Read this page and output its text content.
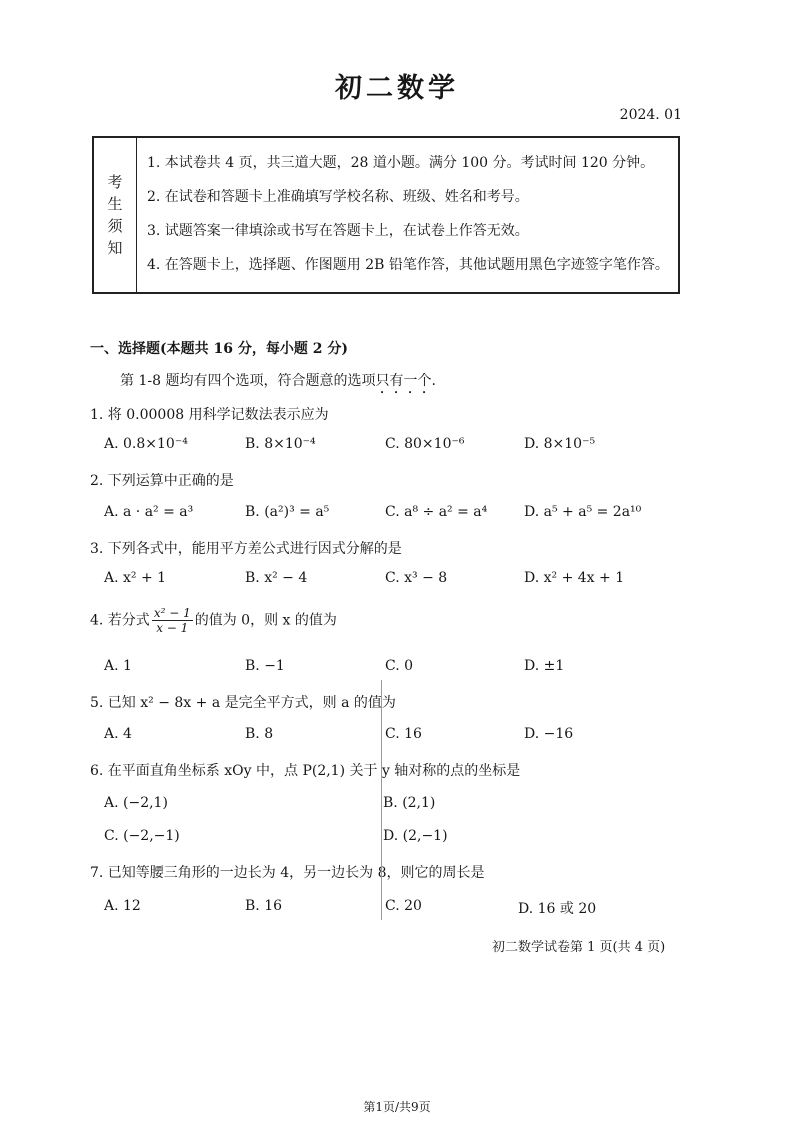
初二数学
2024. 01
考
生
须
知
1. 本试卷共 4 页，共三道大题，28 道小题。满分 100 分。考试时间 120 分钟。
2. 在试卷和答题卡上准确填写学校名称、班级、姓名和考号。
3. 试题答案一律填涂或书写在答题卡上，在试卷上作答无效。
4. 在答题卡上，选择题、作图题用 2B 铅笔作答，其他试题用黑色字迹签字笔作答。
一、选择题(本题共 16 分，每小题 2 分)
第 1-8 题均有四个选项，符合题意的选项只有一个.
1. 将 0.00008 用科学记数法表示应为
A. 0.8×10⁻⁴	B. 8×10⁻⁴	C. 80×10⁻⁶	D. 8×10⁻⁵
2. 下列运算中正确的是
A. a · a² = a³	B. (a²)³ = a⁵	C. a⁸ ÷ a² = a⁴	D. a⁵ + a⁵ = 2a¹⁰
3. 下列各式中，能用平方差公式进行因式分解的是
A. x² + 1	B. x² − 4	C. x³ − 8	D. x² + 4x + 1
4. 若分式 $\frac{\text{x² − 1}}{x - 1}$ 的值为 0，则 x 的值为
A. 1	B. −1	C. 0	D. ±1
5. 已知 x² − 8x + a 是完全平方式，则 a 的值为
A. 4	B. 8	C. 16	D. −16
6. 在平面直角坐标系 xOy 中，点 P(2,1) 关于 y 轴对称的点的坐标是
A. (−2,1)	B. (2,1)
C. (−2,−1)	D. (2,−1)
7. 已知等腰三角形的一边长为 4，另一边长为 8，则它的周长是
A. 12	B. 16	C. 20	D. 16 或 20
初二数学试卷第 1 页(共 4 页)
第1页/共9页
